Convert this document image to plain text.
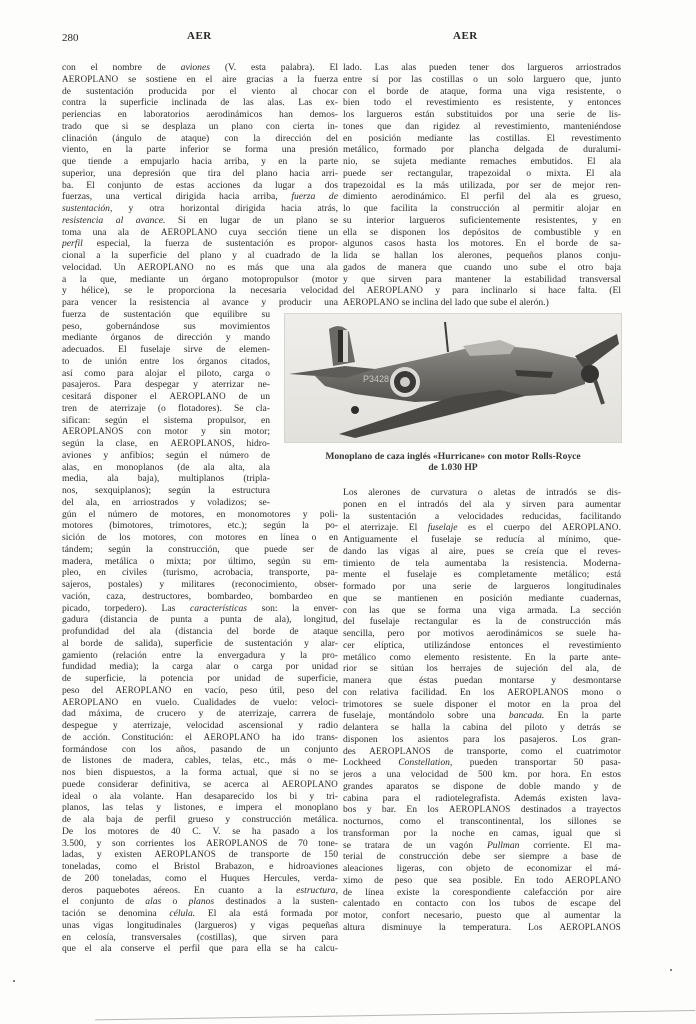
280	AER	AER
con el nombre de aviones (V. esta palabra). El
AEROPLANO se sostiene en el aire gracias a la fuerza
de sustentación producida por el viento al chocar
contra la superficie inclinada de las alas. Las ex-
periencias en laboratorios aerodinámicos han demos-
trado que si se desplaza un plano con cierta in-
clinación (ángulo de ataque) con la dirección del
viento, en la parte inferior se forma una presión
que tiende a empujarlo hacia arriba, y en la parte
superior, una depresión que tira del plano hacia arri-
ba. El conjunto de estas acciones da lugar a dos
fuerzas, una vertical dirigida hacia arriba, fuerza de
sustentación, y otra horizontal dirigida hacia atrás,
resistencia al avance. Si en lugar de un plano se
toma una ala de AEROPLANO cuya sección tiene un
perfil especial, la fuerza de sustentación es propor-
cional a la superficie del plano y al cuadrado de la
velocidad. Un AEROPLANO no es más que una ala
a la que, mediante un órgano motopropulsor (motor
y hélice), se le proporciona la necesaria velocidad
para vencer la resistencia al avance y producir una
fuerza de sustentación que equilibre su
peso, gobernándose sus movimientos
mediante órganos de dirección y mando
adecuados. El fuselaje sirve de elemen-
to de unión entre los órganos citados,
así como para alojar el piloto, carga o
pasajeros. Para despegar y aterrizar ne-
cesitará disponer el AEROPLANO de un
tren de aterrizaje (o flotadores). Se cla-
sifican: según el sistema propulsor, en
AEROPLANOS con motor y sin motor;
según la clase, en AEROPLANOS, hidro-
aviones y anfibios; según el número de
alas, en monoplanos (de ala alta, ala
media, ala baja), multiplanos (tripla-
nos, sexquiplanos); según la estructura
del ala, en arriostrados y voladizos; se-
gún el número de motores, en monomotores y poli-
motores (bimotores, trimotores, etc.); según la po-
sición de los motores, con motores en línea o en
tándem; según la construcción, que puede ser de
madera, metálica o mixta; por último, según su em-
pleo, en civiles (turismo, acrobacia, transporte, pa-
sajeros, postales) y militares (reconocimiento, obser-
vación, caza, destructores, bombardeo, bombardeo en
picado, torpedero). Las características son: la enver-
gadura (distancia de punta a punta de ala), longitud,
profundidad del ala (distancia del borde de ataque
al borde de salida), superficie de sustentación y alar-
gamiento (relación entre la envergadura y la pro-
fundidad media); la carga alar o carga por unidad
de superficie, la potencia por unidad de superficie,
peso del AEROPLANO en vacío, peso útil, peso del
AEROPLANO en vuelo. Cualidades de vuelo: veloci-
dad máxima, de crucero y de aterrizaje, carrera de
despegue y aterrizaje, velocidad ascensional y radio
de acción. Constitución: el AEROPLANO ha ido trans-
formándose con los años, pasando de un conjunto
de listones de madera, cables, telas, etc., más o me-
nos bien dispuestos, a la forma actual, que si no se
puede considerar definitiva, se acerca al AEROPLANO
ideal o ala volante. Han desaparecido los bi y tri-
planos, las telas y listones, e impera el monoplano
de ala baja de perfil grueso y construcción metálica.
De los motores de 40 C. V. se ha pasado a los
3.500, y son corrientes los AEROPLANOS de 70 tone-
ladas, y existen AEROPLANOS de transporte de 150
toneladas, como el Bristol Brabazon, e hidroaviones
de 200 toneladas, como el Huques Hercules, verda-
deros paquebotes aéreos. En cuanto a la estructura,
el conjunto de alas o planos destinados a la susten-
tación se denomina célula. El ala está formada por
unas vigas longitudinales (largueros) y vigas pequeñas
en celosía, transversales (costillas), que sirven para
que el ala conserve el perfil que para ella se ha calcu-
lado. Las alas pueden tener dos largueros arriostrados
entre sí por las costillas o un solo larguero que, junto
con el borde de ataque, forma una viga resistente, o
bien todo el revestimiento es resistente, y entonces
los largueros están substituidos por una serie de lis-
tones que dan rigidez al revestimiento, manteniéndose
en posición mediante las costillas. El revestimento
metálico, formado por plancha delgada de duralumi-
nio, se sujeta mediante remaches embutidos. El ala
puede ser rectangular, trapezoidal o mixta. El ala
trapezoidal es la más utilizada, por ser de mejor ren-
dimiento aerodinámico. El perfil del ala es grueso,
lo que facilita la construcción al permitir alojar en
su interior largueros suficientemente resistentes, y en
ella se disponen los depósitos de combustible y en
algunos casos hasta los motores. En el borde de sa-
lida se hallan los alerones, pequeños planos conju-
gados de manera que cuando uno sube el otro baja
y que sirven para mantener la estabilidad transversal
del AEROPLANO y para inclinarlo si hace falta. (El
AEROPLANO se inclina del lado que sube el alerón.)
P3428
Monoplano de caza inglés «Hurricane» con motor Rolls-Royce
de 1.030 HP
Los alerones de curvatura o aletas de intradós se dis-
ponen en el intradós del ala y sirven para aumentar
la sustentación a velocidades reducidas, facilitando
el aterrizaje. El fuselaje es el cuerpo del AEROPLANO.
Antiguamente el fuselaje se reducía al mínimo, que-
dando las vigas al aire, pues se creía que el reves-
timiento de tela aumentaba la resistencia. Moderna-
mente el fuselaje es completamente metálico; está
formado por una serie de largueros longitudinales
que se mantienen en posición mediante cuadernas,
con las que se forma una viga armada. La sección
del fuselaje rectangular es la de construcción más
sencilla, pero por motivos aerodinámicos se suele ha-
cer elíptica, utilizándose entonces el revestimiento
metálico como elemento resistente. En la parte ante-
rior se sitúan los herrajes de sujeción del ala, de
manera que éstas puedan montarse y desmontarse
con relativa facilidad. En los AEROPLANOS mono o
trimotores se suele disponer el motor en la proa del
fuselaje, montándolo sobre una bancada. En la parte
delantera se halla la cabina del piloto y detrás se
disponen los asientos para los pasajeros. Los gran-
des AEROPLANOS de transporte, como el cuatrimotor
Lockheed Constellation, pueden transportar 50 pasa-
jeros a una velocidad de 500 km. por hora. En estos
grandes aparatos se dispone de doble mando y de
cabina para el radiotelegrafista. Además existen lava-
bos y bar. En los AEROPLANOS destinados a trayectos
nocturnos, como el transcontinental, los sillones se
transforman por la noche en camas, igual que si
se tratara de un vagón Pullman corriente. El ma-
terial de construcción debe ser siempre a base de
aleaciones ligeras, con objeto de economizar el má-
ximo de peso que sea posible. En todo AEROPLANO
de línea existe la corespondiente calefacción por aire
calentado en contacto con los tubos de escape del
motor, confort necesario, puesto que al aumentar la
altura disminuye la temperatura. Los AEROPLANOS
